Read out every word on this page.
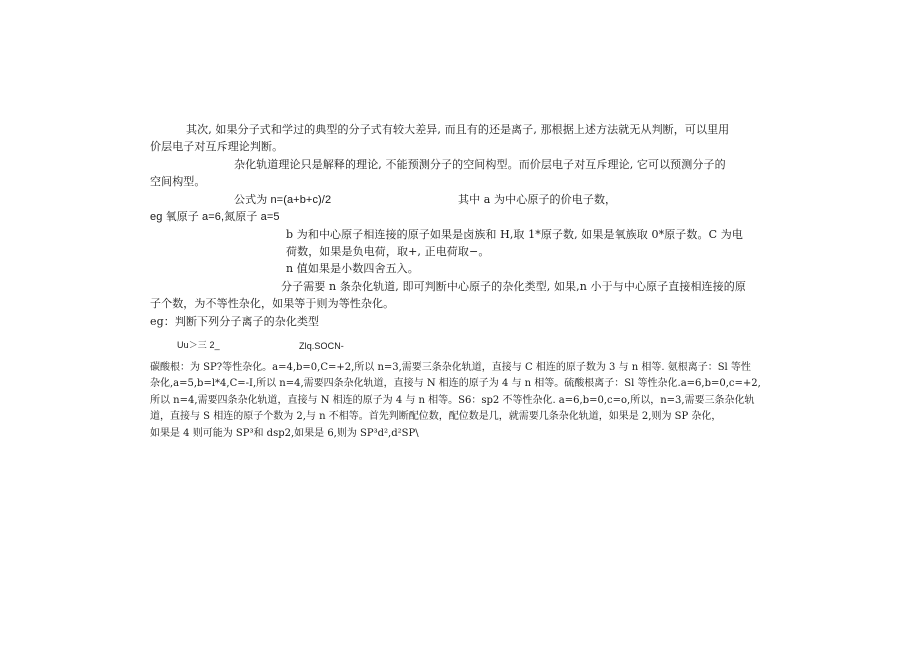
其次, 如果分子式和学过的典型的分子式有较大差异, 而且有的还是离子, 那根据上述方法就无从判断，可以里用
价层电子对互斥理论判断。
杂化轨道理论只是解释的理论, 不能预测分子的空间构型。而价层电子对互斥理论, 它可以预测分子的
空间构型。
公式为 n=(a+b+c)/2	其中 a 为中心原子的价电子数，
eg 氧原子 a=6,氮原子 a=5
b 为和中心原子相连接的原子如果是卤族和 H,取 1*原子数, 如果是氧族取 0*原子数。C 为电
荷数，如果是负电荷，取+, 正电荷取−。
n 值如果是小数四舍五入。
分子需要 n 条杂化轨道, 即可判断中心原子的杂化类型, 如果,n 小于与中心原子直接相连接的原
子个数，为不等性杂化，如果等于则为等性杂化。
eg：判断下列分子离子的杂化类型
Uu＞三 2_	Zlq.SOCN-
碳酸根：为 SP?等性杂化。a=4,b=0,C=+2,所以 n=3,需要三条杂化轨道，直接与 C 相连的原子数为 3 与 n 相等. 氨根离子：Sl 等性
杂化,a=5,b=l*4,C=-I,所以 n=4,需要四条杂化轨道，直接与 N 相连的原子为 4 与 n 相等。硫酸根离子：Sl 等性杂化.a=6,b=0,c=+2,
所以 n=4,需要四条杂化轨道，直接与 N 相连的原子为 4 与 n 相等。S6：sp2 不等性杂化. a=6,b=0,c=o,所以，n=3,需要三条杂化轨
道，直接与 S 相连的原子个数为 2,与 n 不相等。首先判断配位数，配位数是几，就需要几条杂化轨道，如果是 2,则为 SP 杂化，
如果是 4 则可能为 SP³和 dsp2,如果是 6,则为 SP³d²,d²SP\
